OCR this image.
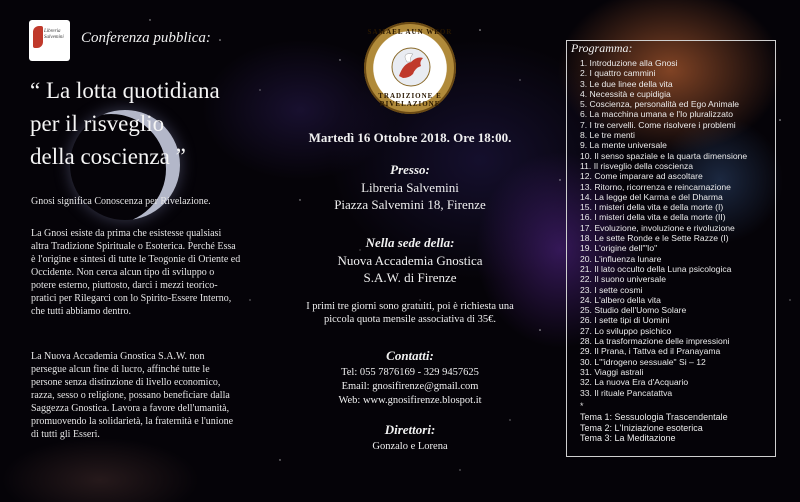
Libreria
Salvemini Conferenza pubblica:
“ La lotta quotidiana
per il risveglio
della coscienza ”
Gnosi significa Conoscenza per Rivelazione.
La Gnosi esiste da prima che esistesse qualsiasi altra Tradizione Spirituale o Esoterica. Perché Essa è l'origine e sintesi di tutte le Teogonie di Oriente ed Occidente. Non cerca alcun tipo di sviluppo o potere esterno, piuttosto, darci i mezzi teorico-pratici per Rilegarci con lo Spirito-Essere Interno, che tutti abbiamo dentro.
La Nuova Accademia Gnostica S.A.W. non persegue alcun fine di lucro, affinché tutte le persone senza distinzione di livello economico, razza, sesso o religione, possano beneficiare dalla Saggezza Gnostica. Lavora a favore dell'umanità, promuovendo la solidarietà, la fraternità e l'unione di tutti gli Esseri.
SAMAEL AUN WEOR
TRADIZIONE E RIVELAZIONE
Martedì 16 Ottobre 2018. Ore 18:00.
Presso:
Libreria Salvemini
Piazza Salvemini 18, Firenze
Nella sede della:
Nuova Accademia Gnostica
S.A.W. di Firenze
I primi tre giorni sono gratuiti, poi è richiesta una piccola quota mensile associativa di 35€.
Contatti:
Tel: 055 7876169 - 329 9457625
Email: gnosifirenze@gmail.com
Web: www.gnosifirenze.blospot.it
Direttori:
Gonzalo e Lorena
Programma:
1. Introduzione alla Gnosi
2. I quattro cammini
3. Le due linee della vita
4. Necessità e cupidigia
5. Coscienza, personalità ed Ego Animale
6. La macchina umana e l'Io pluralizzato
7. I tre cervelli. Come risolvere i problemi
8. Le tre menti
9. La mente universale
10. Il senso spaziale e la quarta dimensione
11. Il risveglio della coscienza
12. Come imparare ad ascoltare
13. Ritorno, ricorrenza e reincarnazione
14. La legge del Karma e del Dharma
15. I misteri della vita e della morte (I)
16. I misteri della vita e della morte (II)
17. Evoluzione, involuzione e rivoluzione
18. Le sette Ronde e le Sette Razze (I)
19. L'origine dell'"Io"
20. L'influenza lunare
21. Il lato occulto della Luna psicologica
22. Il suono universale
23. I sette cosmi
24. L'albero della vita
25. Studio dell'Uomo Solare
26. I sette tipi di Uomini
27. Lo sviluppo psichico
28. La trasformazione delle impressioni
29. Il Prana, i Tattva ed il Pranayama
30. L'"idrogeno sessuale" Si – 12
31. Viaggi astrali
32. La nuova Era d'Acquario
33. Il rituale Pancatattva
*
Tema 1: Sessuologia Trascendentale
Tema 2: L'Iniziazione esoterica
Tema 3: La Meditazione
